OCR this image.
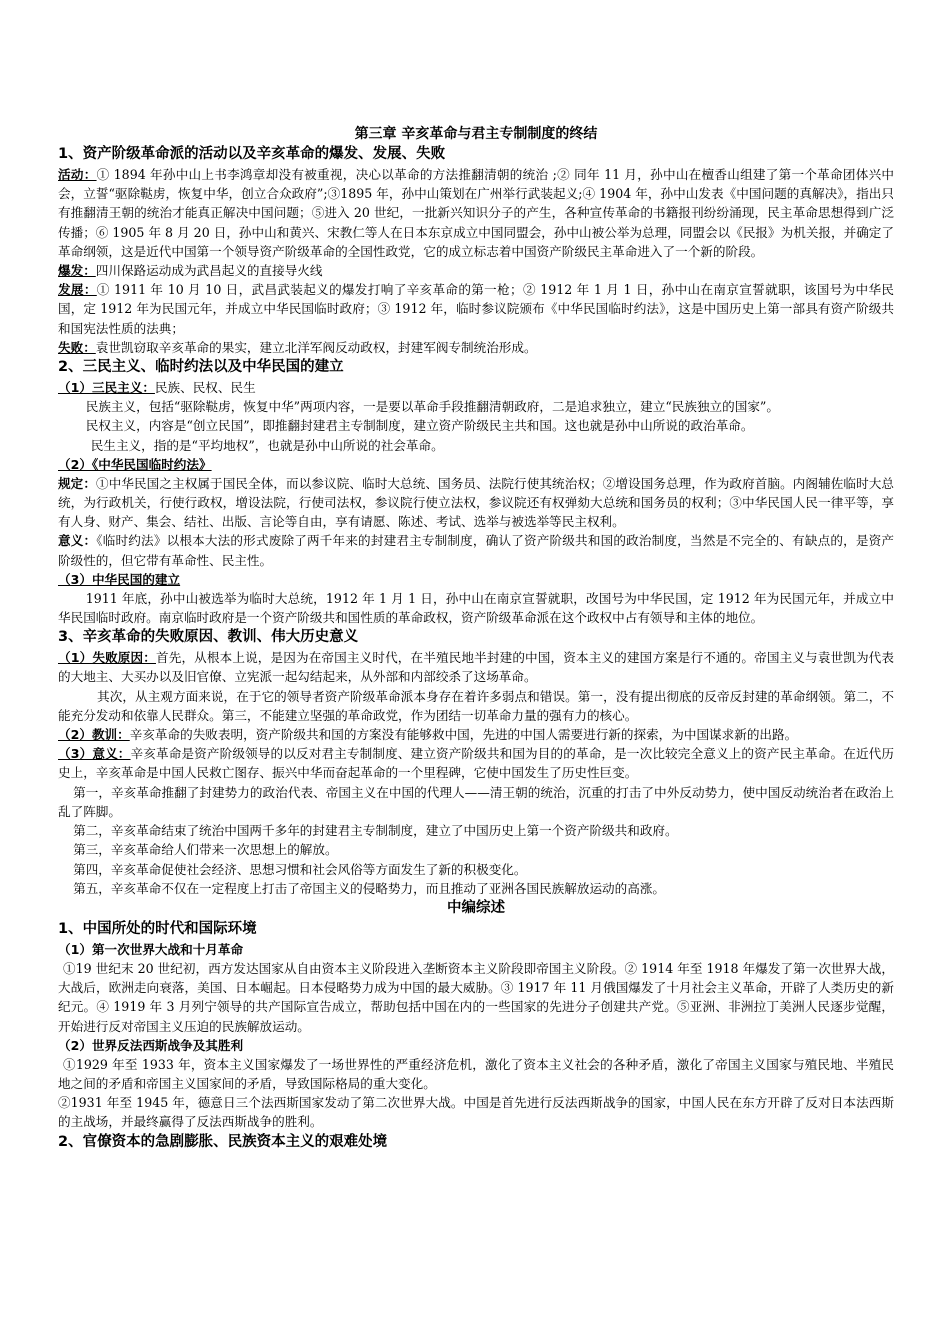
第三章 辛亥革命与君主专制制度的终结

1、资产阶级革命派的活动以及辛亥革命的爆发、发展、失败

活动：① 1894 年孙中山上书李鸿章却没有被重视，决心以革命的方法推翻清朝的统治 ;② 同年 11 月，孙中山在檀香山组建了第一个革命团体兴中会，立誓“驱除鞑虏，恢复中华，创立合众政府”;③1895 年，孙中山策划在广州举行武装起义;④ 1904 年，孙中山发表《中国问题的真解决》，指出只有推翻清王朝的统治才能真正解决中国问题；⑤进入 20 世纪，一批新兴知识分子的产生，各种宣传革命的书籍报刊纷纷涌现，民主革命思想得到广泛传播；⑥ 1905 年 8 月 20 日，孙中山和黄兴、宋教仁等人在日本东京成立中国同盟会，孙中山被公举为总理，同盟会以《民报》为机关报，并确定了革命纲领，这是近代中国第一个领导资产阶级革命的全国性政党，它的成立标志着中国资产阶级民主革命进入了一个新的阶段。

爆发：四川保路运动成为武昌起义的直接导火线

发展：① 1911 年 10 月 10 日，武昌武装起义的爆发打响了辛亥革命的第一枪；② 1912 年 1 月 1 日，孙中山在南京宣誓就职，该国号为中华民国，定 1912 年为民国元年，并成立中华民国临时政府；③ 1912 年，临时参议院颁布《中华民国临时约法》，这是中国历史上第一部具有资产阶级共和国宪法性质的法典；

失败：袁世凯窃取辛亥革命的果实，建立北洋军阀反动政权，封建军阀专制统治形成。

2、三民主义、临时约法以及中华民国的建立

（1）三民主义：民族、民权、民生

民族主义，包括“驱除鞑虏，恢复中华”两项内容，一是要以革命手段推翻清朝政府，二是追求独立，建立“民族独立的国家”。

民权主义，内容是“创立民国”，即推翻封建君主专制制度，建立资产阶级民主共和国。这也就是孙中山所说的政治革命。

民生主义，指的是“平均地权”，也就是孙中山所说的社会革命。

（2）《中华民国临时约法》

规定：①中华民国之主权属于国民全体，而以参议院、临时大总统、国务员、法院行使其统治权；②增设国务总理，作为政府首脑。内阁辅佐临时大总统，为行政机关，行使行政权，增设法院，行使司法权，参议院行使立法权，参议院还有权弹劾大总统和国务员的权利；③中华民国人民一律平等，享有人身、财产、集会、结社、出版、言论等自由，享有请愿、陈述、考试、选举与被选举等民主权利。

意义：《临时约法》以根本大法的形式废除了两千年来的封建君主专制制度，确认了资产阶级共和国的政治制度，当然是不完全的、有缺点的，是资产阶级性的，但它带有革命性、民主性。

（3）中华民国的建立

1911 年底，孙中山被选举为临时大总统，1912 年 1 月 1 日，孙中山在南京宣誓就职，改国号为中华民国，定 1912 年为民国元年，并成立中华民国临时政府。南京临时政府是一个资产阶级共和国性质的革命政权，资产阶级革命派在这个政权中占有领导和主体的地位。

3、辛亥革命的失败原因、教训、伟大历史意义

（1）失败原因：首先，从根本上说，是因为在帝国主义时代，在半殖民地半封建的中国，资本主义的建国方案是行不通的。帝国主义与袁世凯为代表的大地主、大买办以及旧官僚、立宪派一起勾结起来，从外部和内部绞杀了这场革命。

其次，从主观方面来说，在于它的领导者资产阶级革命派本身存在着许多弱点和错误。第一，没有提出彻底的反帝反封建的革命纲领。第二，不能充分发动和依靠人民群众。第三，不能建立坚强的革命政党，作为团结一切革命力量的强有力的核心。

（2）教训：辛亥革命的失败表明，资产阶级共和国的方案没有能够救中国，先进的中国人需要进行新的探索，为中国谋求新的出路。

（3）意义：辛亥革命是资产阶级领导的以反对君主专制制度、建立资产阶级共和国为目的的革命，是一次比较完全意义上的资产民主革命。在近代历史上，辛亥革命是中国人民救亡图存、振兴中华而奋起革命的一个里程碑，它使中国发生了历史性巨变。

第一，辛亥革命推翻了封建势力的政治代表、帝国主义在中国的代理人——清王朝的统治，沉重的打击了中外反动势力，使中国反动统治者在政治上乱了阵脚。

第二，辛亥革命结束了统治中国两千多年的封建君主专制制度，建立了中国历史上第一个资产阶级共和政府。

第三，辛亥革命给人们带来一次思想上的解放。

第四，辛亥革命促使社会经济、思想习惯和社会风俗等方面发生了新的积极变化。

第五，辛亥革命不仅在一定程度上打击了帝国主义的侵略势力，而且推动了亚洲各国民族解放运动的高涨。

中编综述
1、中国所处的时代和国际环境
（1）第一次世界大战和十月革命

①19 世纪末 20 世纪初，西方发达国家从自由资本主义阶段进入垄断资本主义阶段即帝国主义阶段。② 1914 年至 1918 年爆发了第一次世界大战，大战后，欧洲走向衰落，美国、日本崛起。日本侵略势力成为中国的最大威胁。③ 1917 年 11 月俄国爆发了十月社会主义革命，开辟了人类历史的新纪元。④ 1919 年 3 月列宁领导的共产国际宣告成立，帮助包括中国在内的一些国家的先进分子创建共产党。⑤亚洲、非洲拉丁美洲人民逐步觉醒，开始进行反对帝国主义压迫的民族解放运动。

（2）世界反法西斯战争及其胜利

①1929 年至 1933 年，资本主义国家爆发了一场世界性的严重经济危机，激化了资本主义社会的各种矛盾，激化了帝国主义国家与殖民地、半殖民地之间的矛盾和帝国主义国家间的矛盾，导致国际格局的重大变化。

②1931 年至 1945 年，德意日三个法西斯国家发动了第二次世界大战。中国是首先进行反法西斯战争的国家，中国人民在东方开辟了反对日本法西斯的主战场，并最终赢得了反法西斯战争的胜利。

2、官僚资本的急剧膨胀、民族资本主义的艰难处境
